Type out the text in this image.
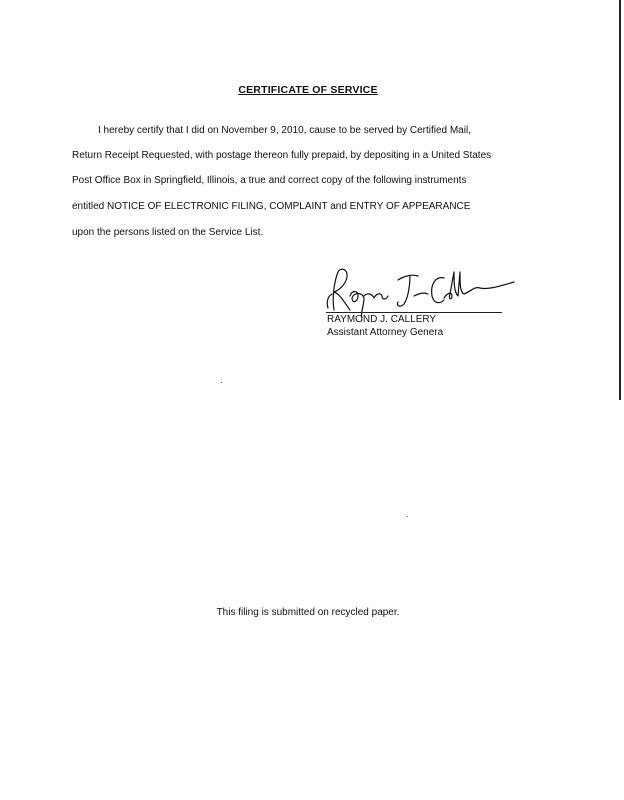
CERTIFICATE OF SERVICE
I hereby certify that I did on November 9, 2010, cause to be served by Certified Mail,
Return Receipt Requested, with postage thereon fully prepaid, by depositing in a United States
Post Office Box in Springfield, Illinois, a true and correct copy of the following instruments
entitled NOTICE OF ELECTRONIC FILING, COMPLAINT and ENTRY OF APPEARANCE
upon the persons listed on the Service List.
RAYMOND J. CALLERY
Assistant Attorney Genera
This filing is submitted on recycled paper.
